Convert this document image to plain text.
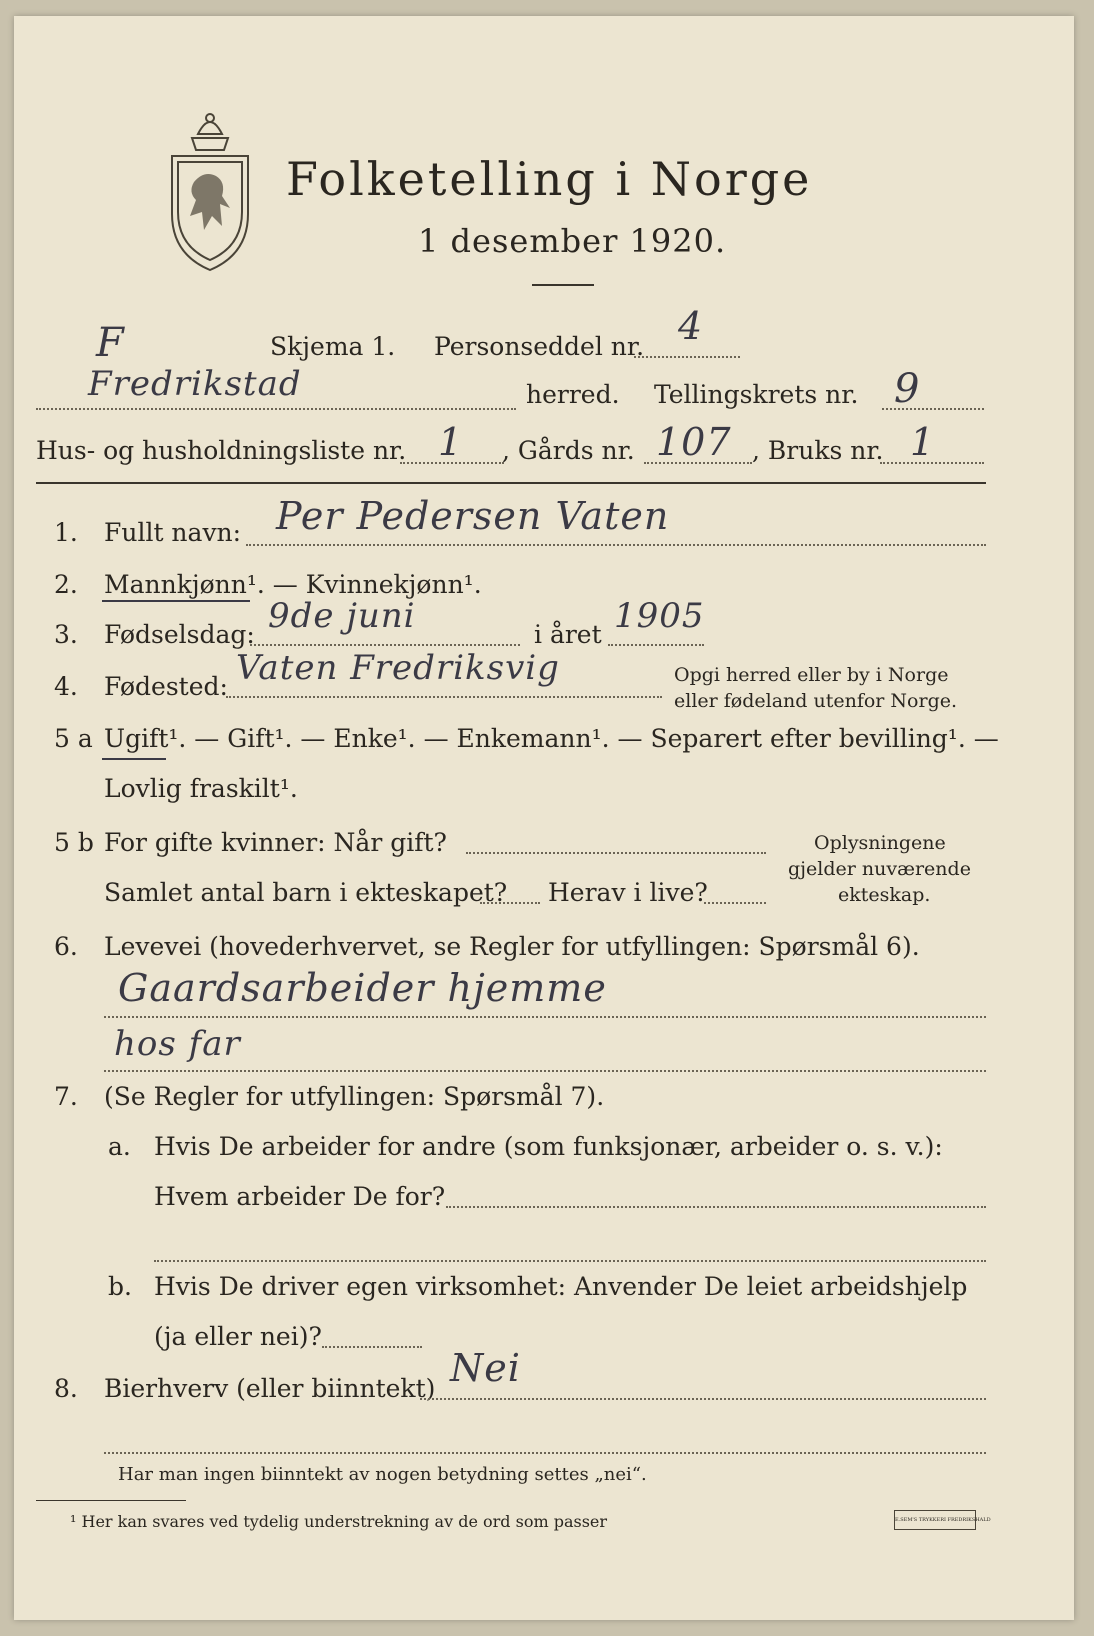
Folketelling i Norge
1 desember 1920.
F	Skjema 1. Personseddel nr. 4
Fredrikstad	herred. Tellingskrets nr. 9
Hus- og husholdningsliste nr. 1 , Gårds nr. 107 , Bruks nr. 1
1. Fullt navn: Per Pedersen Vaten
2. Mannkjønn¹. — Kvinnekjønn¹.
3. Fødselsdag: 9de juni	i året 1905
4. Fødested: Vaten Fredriksvig	Opgi herred eller by i Norge
eller fødeland utenfor Norge.
5 a Ugift¹. — Gift¹. — Enke¹. — Enkemann¹. — Separert efter bevilling¹. —
Lovlig fraskilt¹.
5 b For gifte kvinner: Når gift?
Samlet antal barn i ekteskapet? Herav i live?
Oplysningene
gjelder nuværende
ekteskap.
6. Levevei (hovederhvervet, se Regler for utfyllingen: Spørsmål 6).
Gaardsarbeider hjemme
hos far
7. (Se Regler for utfyllingen: Spørsmål 7).
a. Hvis De arbeider for andre (som funksjonær, arbeider o. s. v.):
Hvem arbeider De for?
b. Hvis De driver egen virksomhet: Anvender De leiet arbeidshjelp
(ja eller nei)?
8. Bierhverv (eller biinntekt) Nei
Har man ingen biinntekt av nogen betydning settes „nei“.
¹ Her kan svares ved tydelig understrekning av de ord som passer	E.SEM'S TRYKKERI FREDRIKSHALD
